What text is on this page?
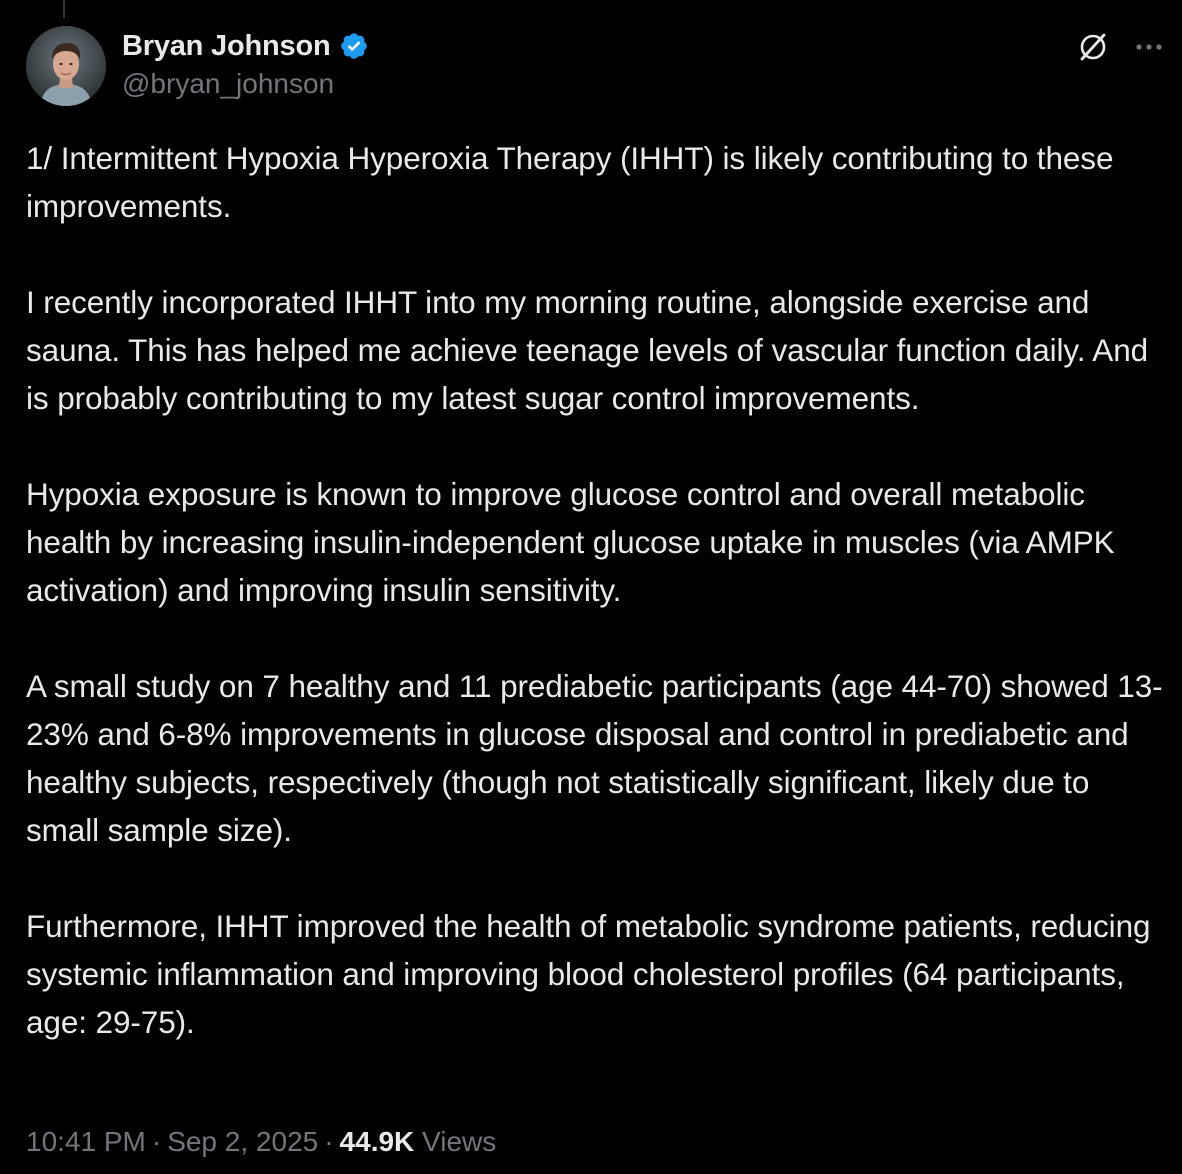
Bryan Johnson
@bryan_johnson

1/ Intermittent Hypoxia Hyperoxia Therapy (IHHT) is likely contributing to these improvements.

I recently incorporated IHHT into my morning routine, alongside exercise and sauna. This has helped me achieve teenage levels of vascular function daily. And is probably contributing to my latest sugar control improvements.

Hypoxia exposure is known to improve glucose control and overall metabolic health by increasing insulin-independent glucose uptake in muscles (via AMPK activation) and improving insulin sensitivity.

A small study on 7 healthy and 11 prediabetic participants (age 44-70) showed 13-23% and 6-8% improvements in glucose disposal and control in prediabetic and healthy subjects, respectively (though not statistically significant, likely due to small sample size).

Furthermore, IHHT improved the health of metabolic syndrome patients, reducing systemic inflammation and improving blood cholesterol profiles (64 participants, age: 29-75).

10:41 PM · Sep 2, 2025 · 44.9K Views
